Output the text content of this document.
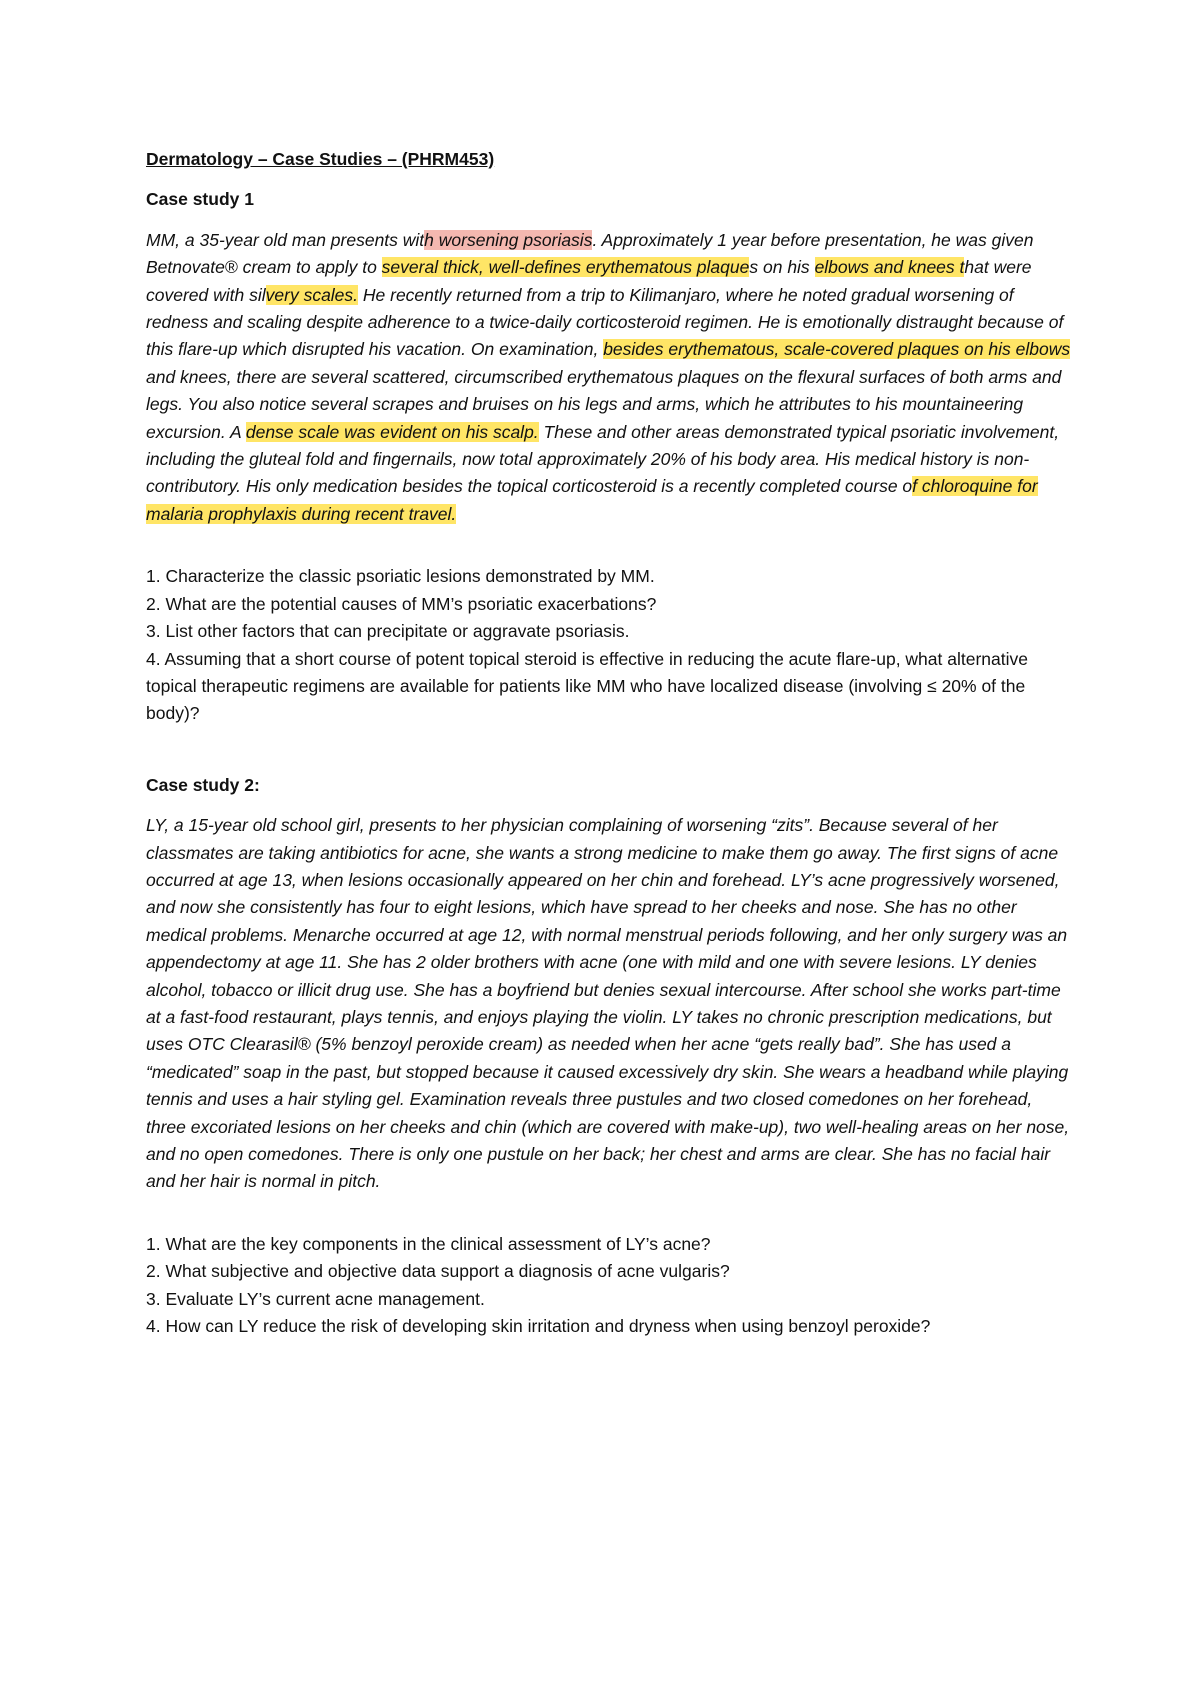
Dermatology – Case Studies – (PHRM453)

Case study 1

MM, a 35-year old man presents with worsening psoriasis. Approximately 1 year before presentation, he was given Betnovate® cream to apply to several thick, well-defines erythematous plaques on his elbows and knees that were covered with silvery scales. He recently returned from a trip to Kilimanjaro, where he noted gradual worsening of redness and scaling despite adherence to a twice-daily corticosteroid regimen. He is emotionally distraught because of this flare-up which disrupted his vacation. On examination, besides erythematous, scale-covered plaques on his elbows and knees, there are several scattered, circumscribed erythematous plaques on the flexural surfaces of both arms and legs. You also notice several scrapes and bruises on his legs and arms, which he attributes to his mountaineering excursion. A dense scale was evident on his scalp. These and other areas demonstrated typical psoriatic involvement, including the gluteal fold and fingernails, now total approximately 20% of his body area. His medical history is non-contributory. His only medication besides the topical corticosteroid is a recently completed course of chloroquine for malaria prophylaxis during recent travel.

1. Characterize the classic psoriatic lesions demonstrated by MM.
2. What are the potential causes of MM’s psoriatic exacerbations?
3. List other factors that can precipitate or aggravate psoriasis.
4. Assuming that a short course of potent topical steroid is effective in reducing the acute flare-up, what alternative topical therapeutic regimens are available for patients like MM who have localized disease (involving ≤ 20% of the body)?

Case study 2:

LY, a 15-year old school girl, presents to her physician complaining of worsening “zits”. Because several of her classmates are taking antibiotics for acne, she wants a strong medicine to make them go away. The first signs of acne occurred at age 13, when lesions occasionally appeared on her chin and forehead. LY’s acne progressively worsened, and now she consistently has four to eight lesions, which have spread to her cheeks and nose. She has no other medical problems. Menarche occurred at age 12, with normal menstrual periods following, and her only surgery was an appendectomy at age 11. She has 2 older brothers with acne (one with mild and one with severe lesions. LY denies alcohol, tobacco or illicit drug use. She has a boyfriend but denies sexual intercourse. After school she works part-time at a fast-food restaurant, plays tennis, and enjoys playing the violin. LY takes no chronic prescription medications, but uses OTC Clearasil® (5% benzoyl peroxide cream) as needed when her acne “gets really bad”. She has used a “medicated” soap in the past, but stopped because it caused excessively dry skin. She wears a headband while playing tennis and uses a hair styling gel. Examination reveals three pustules and two closed comedones on her forehead, three excoriated lesions on her cheeks and chin (which are covered with make-up), two well-healing areas on her nose, and no open comedones. There is only one pustule on her back; her chest and arms are clear. She has no facial hair and her hair is normal in pitch.

1. What are the key components in the clinical assessment of LY’s acne?
2. What subjective and objective data support a diagnosis of acne vulgaris?
3. Evaluate LY’s current acne management.
4. How can LY reduce the risk of developing skin irritation and dryness when using benzoyl peroxide?
